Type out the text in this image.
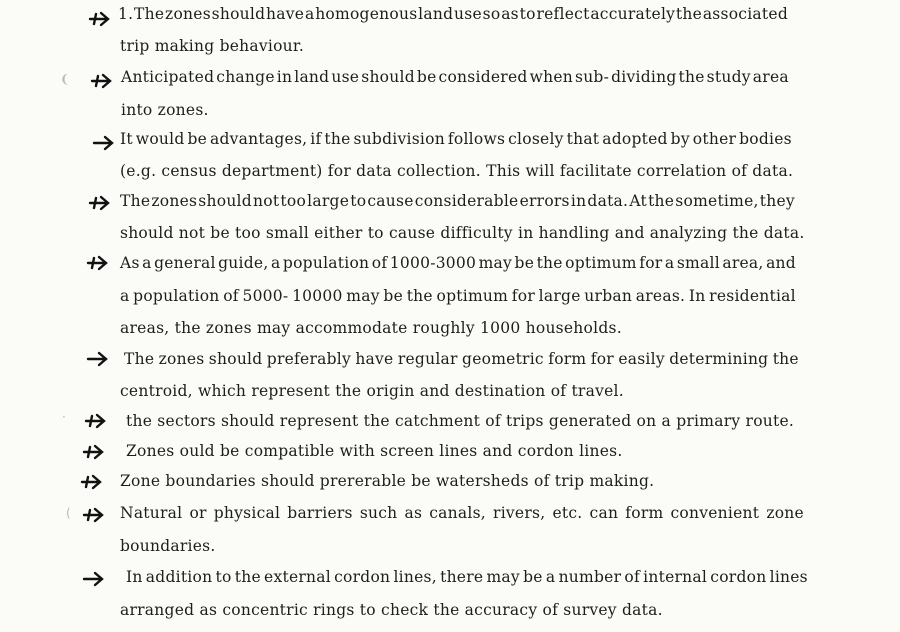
1. The zones should have a homogenous land use so as to reflect accurately the associated
trip making behaviour.
❨	Anticipated change in land use should be considered when sub- dividing the study area
into zones.
It would be advantages, if the subdivision follows closely that adopted by other bodies
(e.g. census department) for data collection. This will facilitate correlation of data.
The zones should not too large to cause considerable errors in data. At the sometime, they
should not be too small either to cause difficulty in handling and analyzing the data.
As a general guide, a population of 1000-3000 may be the optimum for a small area, and
a population of 5000- 10000 may be the optimum for large urban areas. In residential
areas, the zones may accommodate roughly 1000 households.
The zones should preferably have regular geometric form for easily determining the
centroid, which represent the origin and destination of travel.
·	the sectors should represent the catchment of trips generated on a primary route.
Zones ould be compatible with screen lines and cordon lines.
Zone boundaries should prererable be watersheds of trip making.
(	Natural or physical barriers such as canals, rivers, etc. can form convenient zone
boundaries.
In addition to the external cordon lines, there may be a number of internal cordon lines
arranged as concentric rings to check the accuracy of survey data.
